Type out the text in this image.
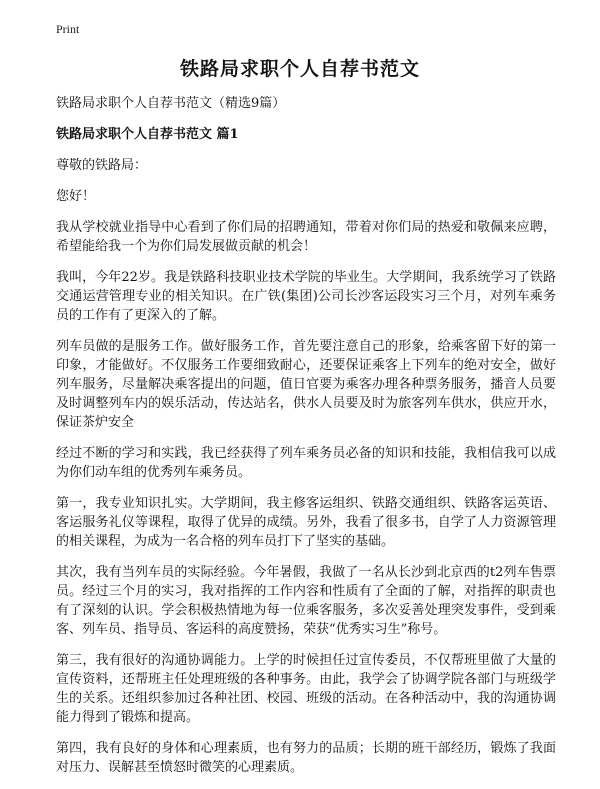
Print
铁路局求职个人自荐书范文

铁路局求职个人自荐书范文（精选9篇）

铁路局求职个人自荐书范文 篇1

尊敬的铁路局：

您好！

我从学校就业指导中心看到了你们局的招聘通知，带着对你们局的热爱和敬佩来应聘，希望能给我一个为你们局发展做贡献的机会！

我叫，今年22岁。我是铁路科技职业技术学院的毕业生。大学期间，我系统学习了铁路交通运营管理专业的相关知识。在广铁(集团)公司长沙客运段实习三个月，对列车乘务员的工作有了更深入的了解。

列车员做的是服务工作。做好服务工作，首先要注意自己的形象，给乘客留下好的第一印象，才能做好。不仅服务工作要细致耐心，还要保证乘客上下列车的绝对安全，做好列车服务，尽量解决乘客提出的问题，值日官要为乘客办理各种票务服务，播音人员要及时调整列车内的娱乐活动，传达站名，供水人员要及时为旅客列车供水，供应开水，保证茶炉安全

经过不断的学习和实践，我已经获得了列车乘务员必备的知识和技能，我相信我可以成为你们动车组的优秀列车乘务员。

第一，我专业知识扎实。大学期间，我主修客运组织、铁路交通组织、铁路客运英语、客运服务礼仪等课程，取得了优异的成绩。另外，我看了很多书，自学了人力资源管理的相关课程，为成为一名合格的列车员打下了坚实的基础。

其次，我有当列车员的实际经验。今年暑假，我做了一名从长沙到北京西的t2列车售票员。经过三个月的实习，我对指挥的工作内容和性质有了全面的了解，对指挥的职责也有了深刻的认识。学会积极热情地为每一位乘客服务，多次妥善处理突发事件，受到乘客、列车员、指导员、客运科的高度赞扬，荣获“优秀实习生”称号。

第三，我有很好的沟通协调能力。上学的时候担任过宣传委员，不仅帮班里做了大量的宣传资料，还帮班主任处理班级的各种事务。由此，我学会了协调学院各部门与班级学生的关系。还组织参加过各种社团、校园、班级的活动。在各种活动中，我的沟通协调能力得到了锻炼和提高。

第四，我有良好的身体和心理素质，也有努力的品质；长期的班干部经历，锻炼了我面对压力、误解甚至愤怒时微笑的心理素质。
